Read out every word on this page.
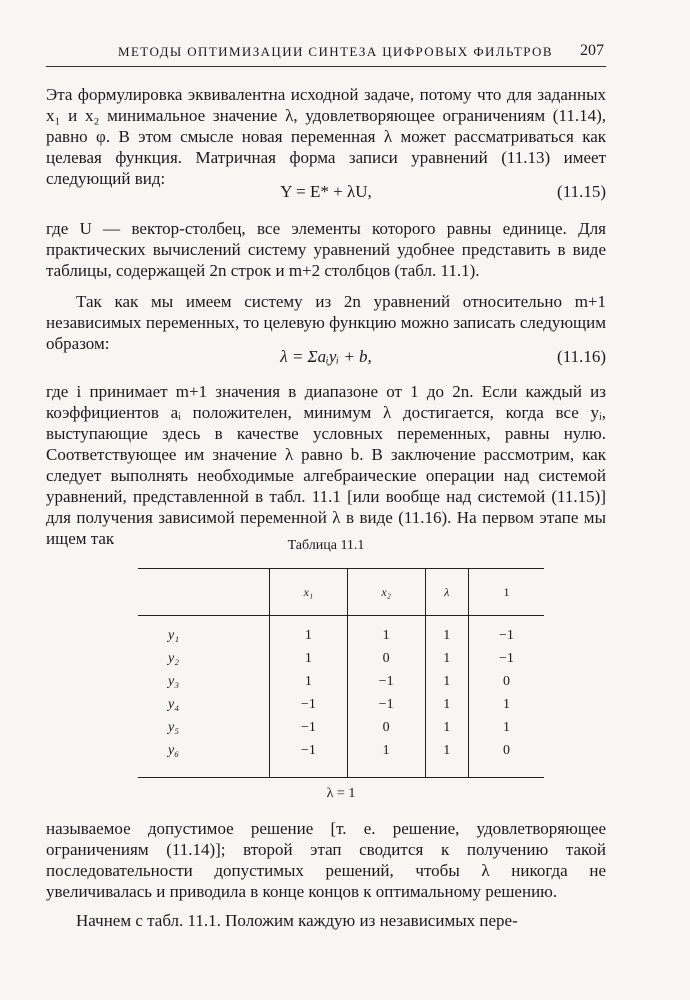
МЕТОДЫ ОПТИМИЗАЦИИ СИНТЕЗА ЦИФРОВЫХ ФИЛЬТРОВ 207

Эта формулировка эквивалентна исходной задаче, потому что для заданных x₁ и x₂ минимальное значение λ, удовлетворяющее ограничениям (11.14), равно φ. В этом смысле новая переменная λ может рассматриваться как целевая функция. Матричная форма записи уравнений (11.13) имеет следующий вид:

Y = E* + λU,	(11.15)

где U — вектор-столбец, все элементы которого равны единице. Для практических вычислений систему уравнений удобнее представить в виде таблицы, содержащей 2n строк и m+2 столбцов (табл. 11.1).

Так как мы имеем систему из 2n уравнений относительно m+1 независимых переменных, то целевую функцию можно записать следующим образом:

λ = Σaᵢyᵢ + b,	(11.16)

где i принимает m+1 значения в диапазоне от 1 до 2n. Если каждый из коэффициентов aᵢ положителен, минимум λ достигается, когда все yᵢ, выступающие здесь в качестве условных переменных, равны нулю. Соответствующее им значение λ равно b. В заключение рассмотрим, как следует выполнять необходимые алгебраические операции над системой уравнений, представленной в табл. 11.1 [или вообще над системой (11.15)] для получения зависимой переменной λ в виде (11.16). На первом этапе мы ищем так	Таблица 11.1
	x₁	x₂	λ	1
y₁	1	1	1	−1
y₂	1	0	1	−1
y₃	1	−1	1	0
y₄	−1	−1	1	1
y₅	−1	0	1	1
y₆	−1	1	1	0
λ = 1				

называемое допустимое решение [т. е. решение, удовлетворяющее ограничениям (11.14)]; второй этап сводится к получению такой последовательности допустимых решений, чтобы λ никогда не увеличивалась и приводила в конце концов к оптимальному решению.

Начнем с табл. 11.1. Положим каждую из независимых пере-
